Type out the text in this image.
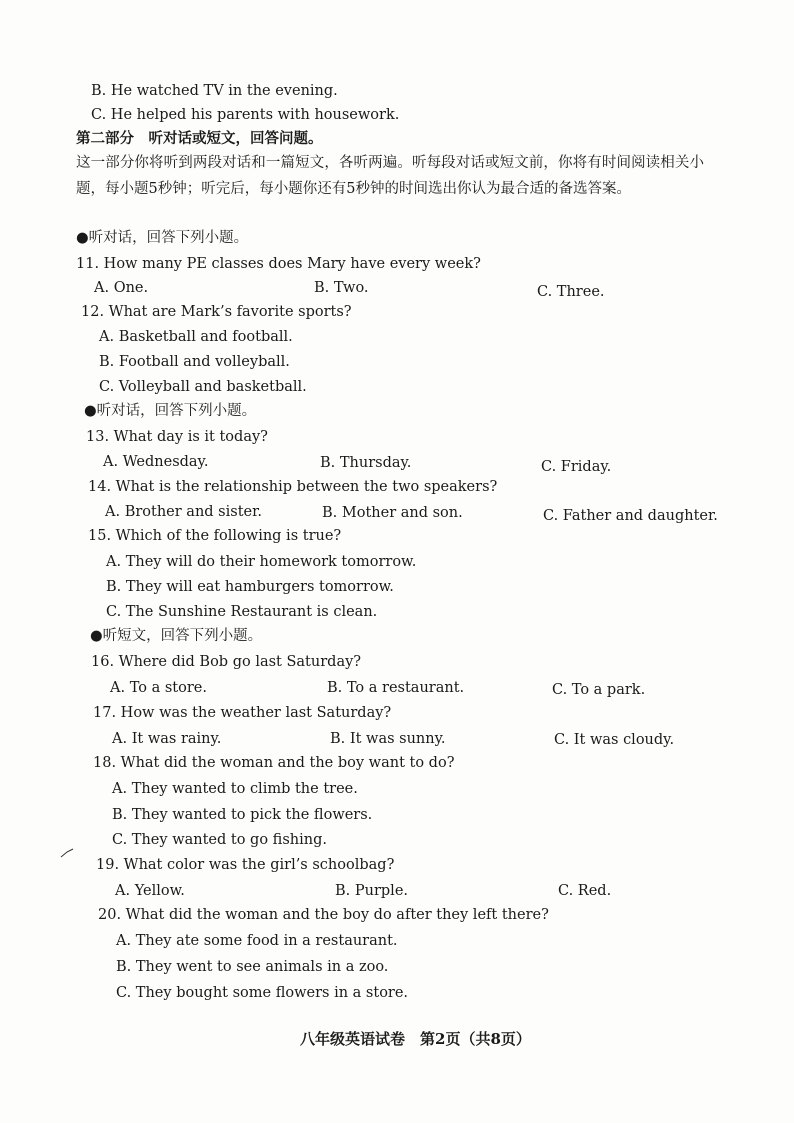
B. He watched TV in the evening.
C. He helped his parents with housework.
第二部分　听对话或短文，回答问题。
这一部分你将听到两段对话和一篇短文，各听两遍。听每段对话或短文前，你将有时间阅读相关小题，每小题5秒钟；听完后，每小题你还有5秒钟的时间选出你认为最合适的备选答案。
●听对话，回答下列小题。
11. How many PE classes does Mary have every week?
A. One.	B. Two.	C. Three.
12. What are Mark’s favorite sports?
A. Basketball and football.
B. Football and volleyball.
C. Volleyball and basketball.
●听对话，回答下列小题。
13. What day is it today?
A. Wednesday.	B. Thursday.	C. Friday.
14. What is the relationship between the two speakers?
A. Brother and sister.	B. Mother and son.	C. Father and daughter.
15. Which of the following is true?
A. They will do their homework tomorrow.
B. They will eat hamburgers tomorrow.
C. The Sunshine Restaurant is clean.
●听短文，回答下列小题。
16. Where did Bob go last Saturday?
A. To a store.	B. To a restaurant.	C. To a park.
17. How was the weather last Saturday?
A. It was rainy.	B. It was sunny.	C. It was cloudy.
18. What did the woman and the boy want to do?
A. They wanted to climb the tree.
B. They wanted to pick the flowers.
C. They wanted to go fishing.
19. What color was the girl’s schoolbag?
A. Yellow.	B. Purple.	C. Red.
20. What did the woman and the boy do after they left there?
A. They ate some food in a restaurant.
B. They went to see animals in a zoo.
C. They bought some flowers in a store.
八年级英语试卷　第2页（共8页）
